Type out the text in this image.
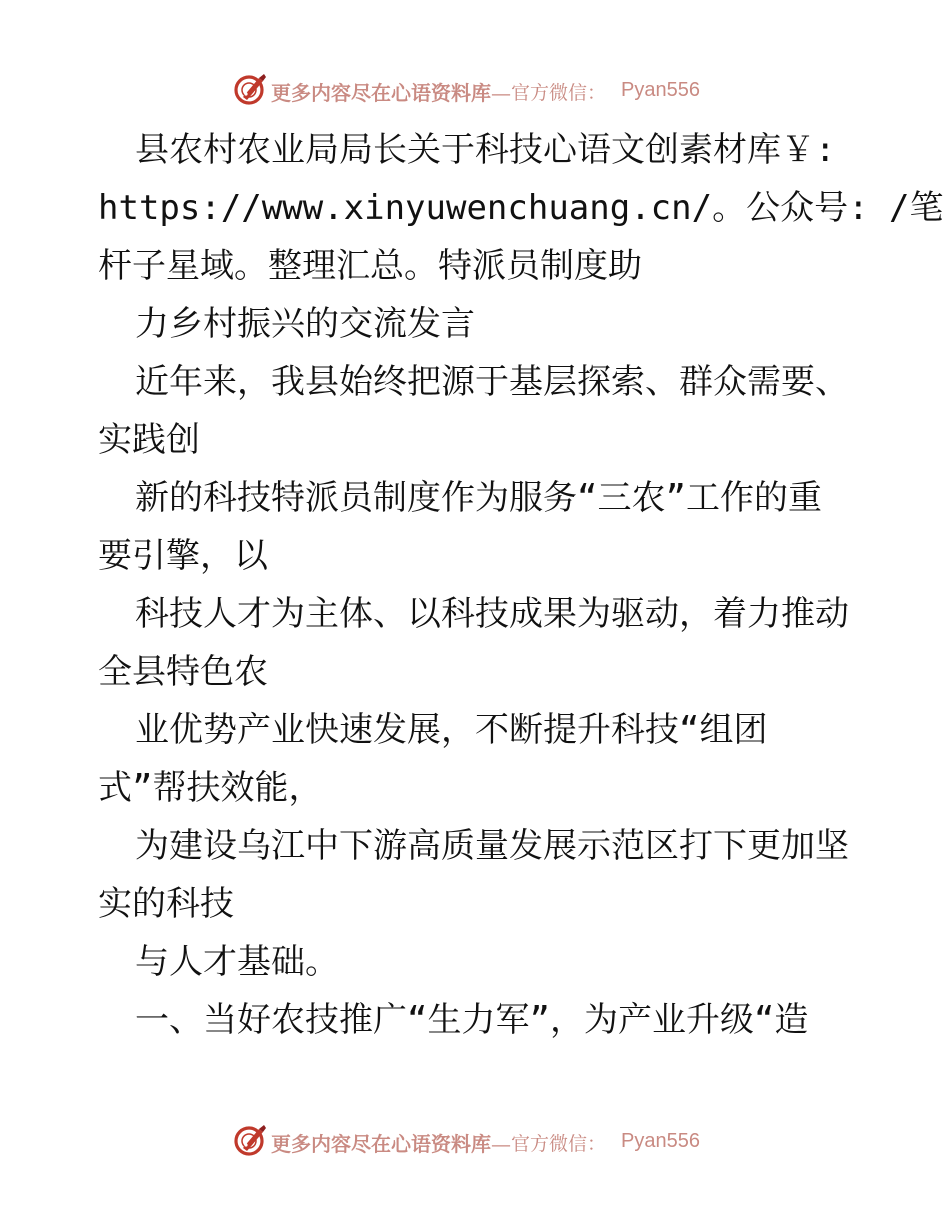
更多内容尽在心语资料库— 官方微信： Pyan556
县农村农业局局长关于科技心语文创素材库￥:
https://www.xinyuwenchuang.cn/。公众号: /笔
杆子星域。整理汇总。特派员制度助
力乡村振兴的交流发言
近年来，我县始终把源于基层探索、群众需要、
实践创
新的科技特派员制度作为服务“三农”工作的重
要引擎，以
科技人才为主体、以科技成果为驱动，着力推动
全县特色农
业优势产业快速发展，不断提升科技“组团
式”帮扶效能，
为建设乌江中下游高质量发展示范区打下更加坚
实的科技
与人才基础。
一、当好农技推广“生力军”，为产业升级“造
更多内容尽在心语资料库— 官方微信： Pyan556
